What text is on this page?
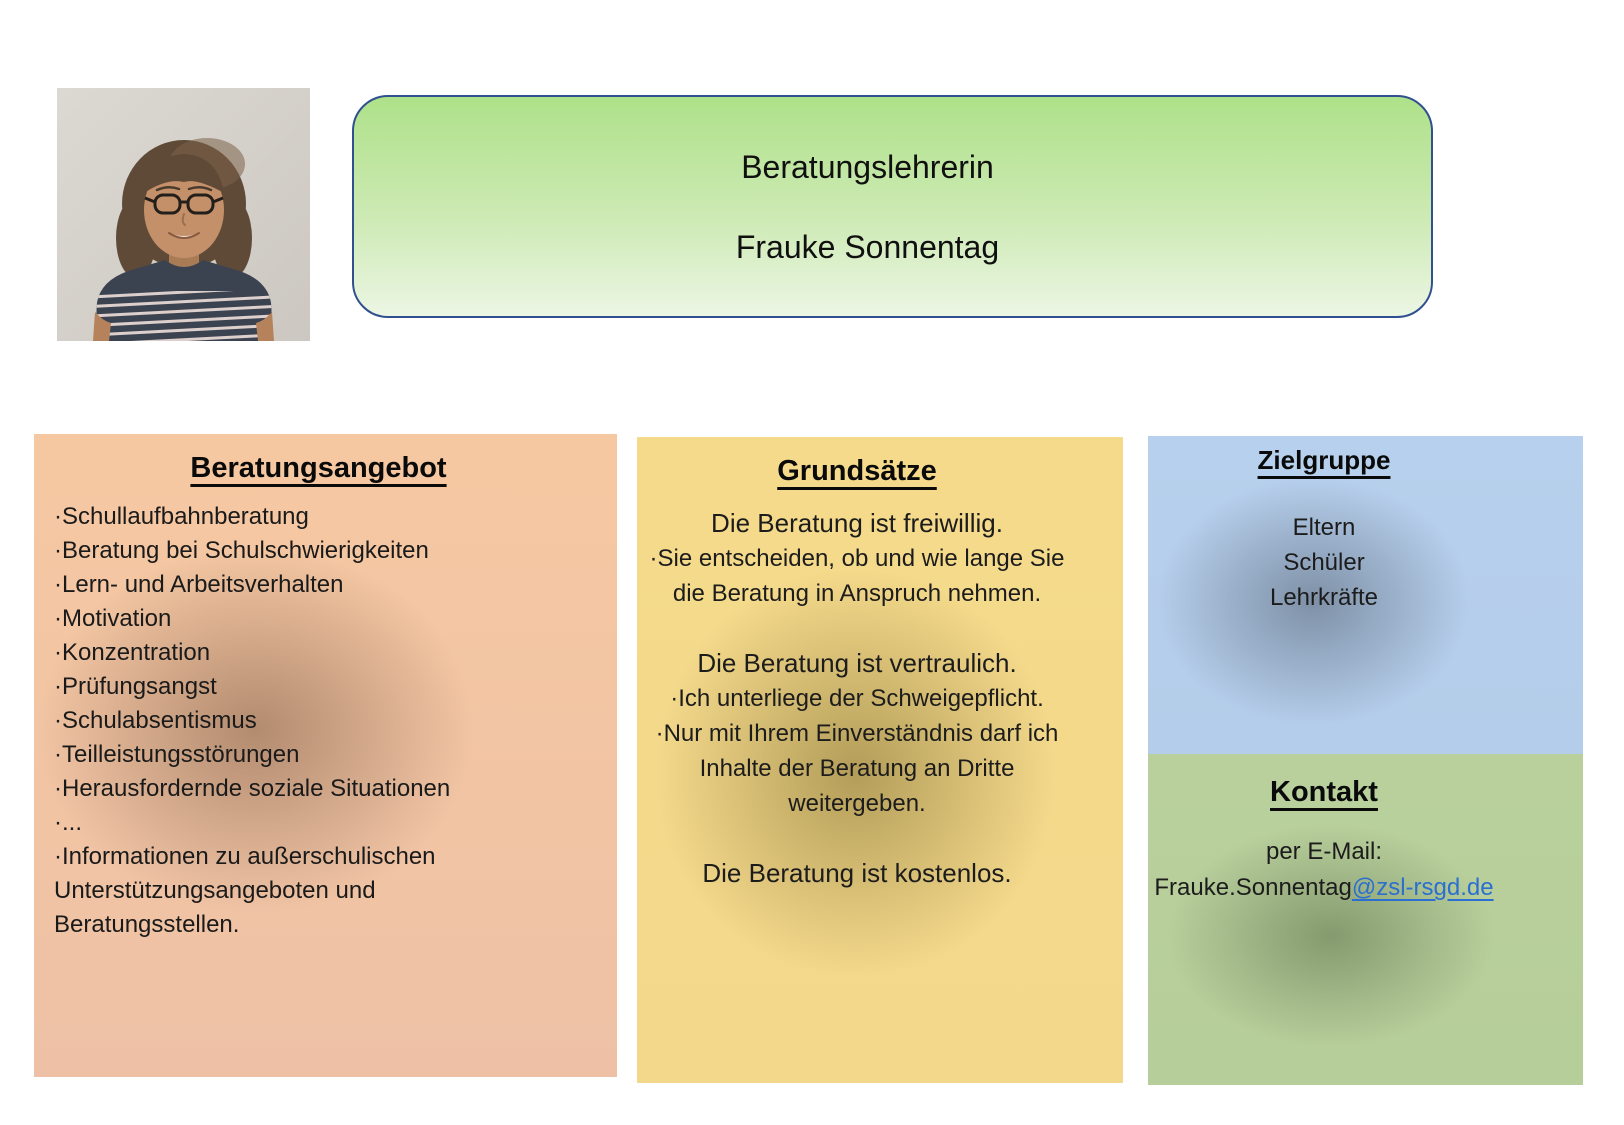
Beratungslehrerin
Frauke Sonnentag
Beratungsangebot
·Schullaufbahnberatung
·Beratung bei Schulschwierigkeiten
·Lern- und Arbeitsverhalten
·Motivation
·Konzentration
·Prüfungsangst
·Schulabsentismus
·Teilleistungsstörungen
·Herausfordernde soziale Situationen
·...
·Informationen zu außerschulischen Unterstützungsangeboten und Beratungsstellen.
Grundsätze

Die Beratung ist freiwillig.

·Sie entscheiden, ob und wie lange Sie die Beratung in Anspruch nehmen.

Die Beratung ist vertraulich.

·Ich unterliege der Schweigepflicht.

·Nur mit Ihrem Einverständnis darf ich Inhalte der Beratung an Dritte weitergeben.

Die Beratung ist kostenlos.

Zielgruppe
Eltern
Schüler
Lehrkräfte
Kontakt

per E-Mail:

Frauke.Sonnentag@zsl-rsgd.de
